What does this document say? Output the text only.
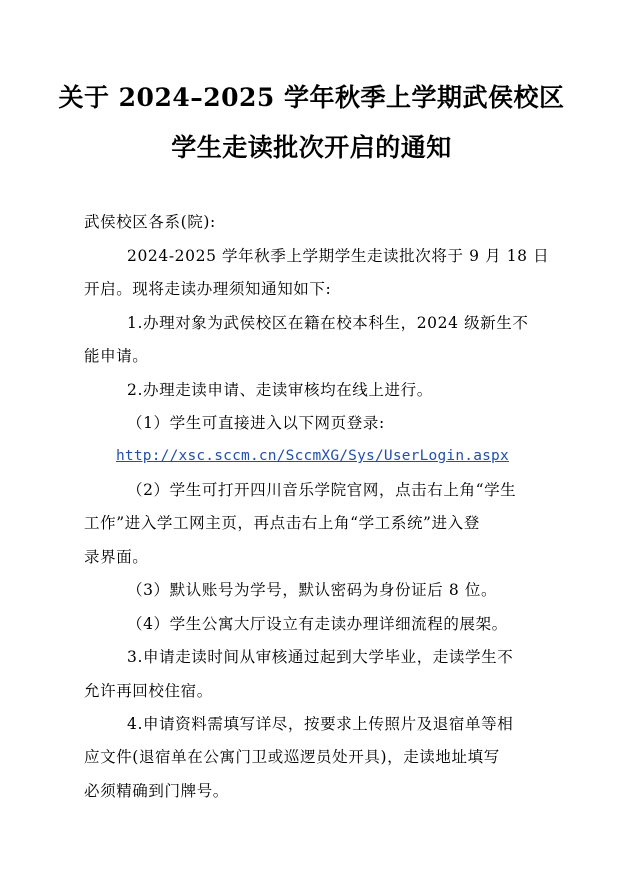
关于 2024–2025 学年秋季上学期武侯校区
学生走读批次开启的通知
武侯校区各系(院):
2024-2025 学年秋季上学期学生走读批次将于 9 月 18 日
开启。现将走读办理须知通知如下:
1.办理对象为武侯校区在籍在校本科生，2024 级新生不
能申请。
2.办理走读申请、走读审核均在线上进行。
（1）学生可直接进入以下网页登录:
http://xsc.sccm.cn/SccmXG/Sys/UserLogin.aspx
（2）学生可打开四川音乐学院官网，点击右上角“学生
工作”进入学工网主页，再点击右上角“学工系统”进入登
录界面。
（3）默认账号为学号，默认密码为身份证后 8 位。
（4）学生公寓大厅设立有走读办理详细流程的展架。
3.申请走读时间从审核通过起到大学毕业，走读学生不
允许再回校住宿。
4.申请资料需填写详尽，按要求上传照片及退宿单等相
应文件(退宿单在公寓门卫或巡逻员处开具)，走读地址填写
必须精确到门牌号。
